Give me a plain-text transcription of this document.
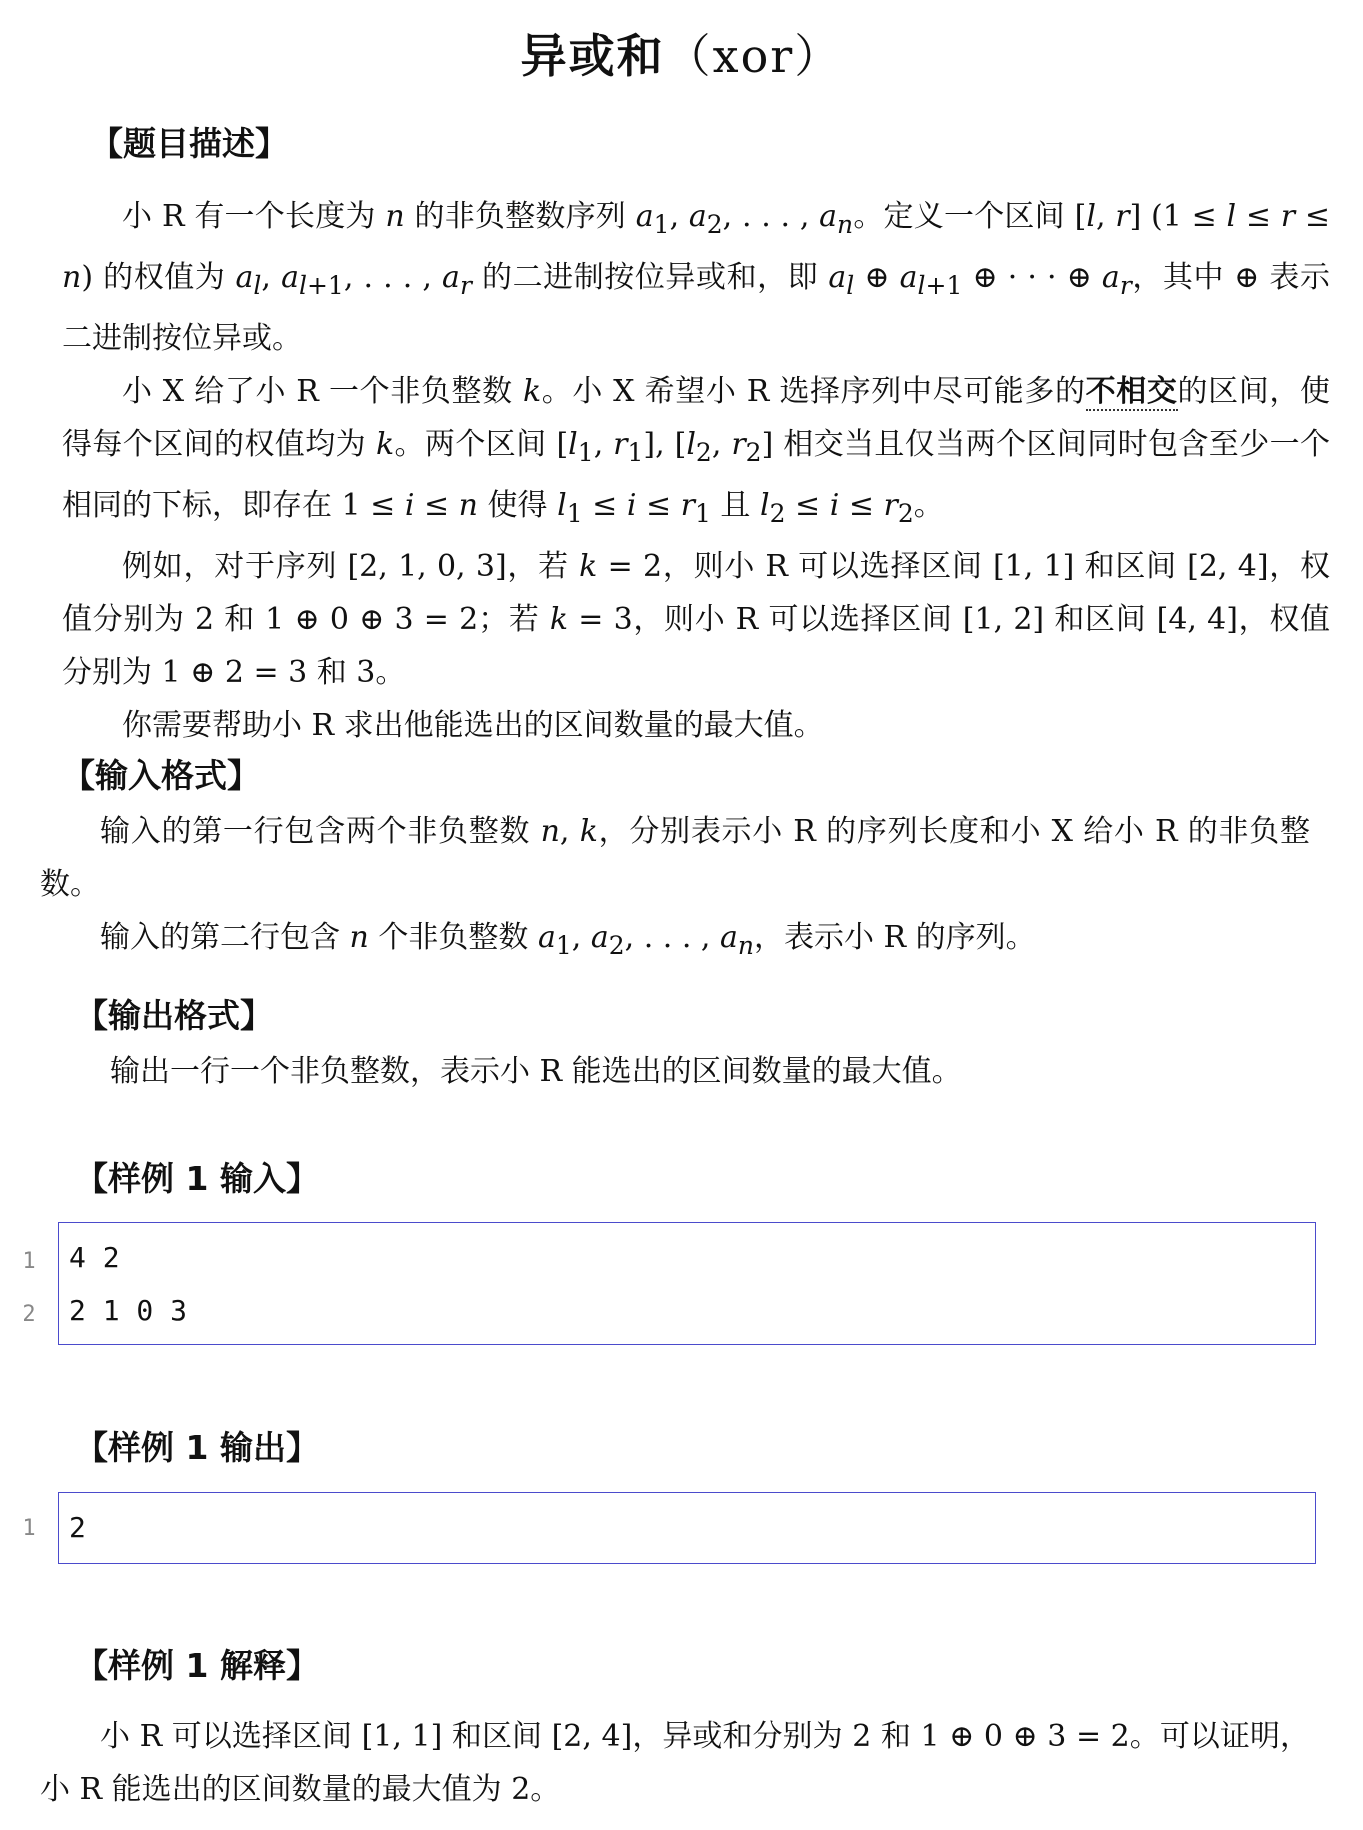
异或和（xor）
【题目描述】

小 R 有一个长度为 n 的非负整数序列 $a_1$, $a_2$, . . . , $a_n$。定义一个区间 [l, r] (1 ≤ l ≤ r ≤ n) 的权值为 $a_l$, $a_{l+1}$, . . . , $a_r$ 的二进制按位异或和，即 $a_l$ ⊕ $a_{l+1}$ ⊕ · · · ⊕ $a_r$，其中 ⊕ 表示二进制按位异或。

小 X 给了小 R 一个非负整数 k。小 X 希望小 R 选择序列中尽可能多的不相交的区间，使得每个区间的权值均为 k。两个区间 [$l_1$, $r_1$], [$l_2$, $r_2$] 相交当且仅当两个区间同时包含至少一个相同的下标，即存在 1 ≤ i ≤ n 使得 $l_1 \le i \le r_1$ 且 $l_2 \le i \le r_2$。

例如，对于序列 [2, 1, 0, 3]，若 k = 2，则小 R 可以选择区间 [1, 1] 和区间 [2, 4]，权值分别为 2 和 1 ⊕ 0 ⊕ 3 = 2；若 k = 3，则小 R 可以选择区间 [1, 2] 和区间 [4, 4]，权值分别为 1 ⊕ 2 = 3 和 3。

你需要帮助小 R 求出他能选出的区间数量的最大值。

【输入格式】

输入的第一行包含两个非负整数 n, k，分别表示小 R 的序列长度和小 X 给小 R 的非负整数。

输入的第二行包含 n 个非负整数 $a_1$, $a_2$, . . . , $a_n$，表示小 R 的序列。

【输出格式】

输出一行一个非负整数，表示小 R 能选出的区间数量的最大值。

【样例 1 输入】
1
2
4 2
2 1 0 3
【样例 1 输出】
1	2
【样例 1 解释】

小 R 可以选择区间 [1, 1] 和区间 [2, 4]，异或和分别为 2 和 1 ⊕ 0 ⊕ 3 = 2。可以证明，小 R 能选出的区间数量的最大值为 2。
